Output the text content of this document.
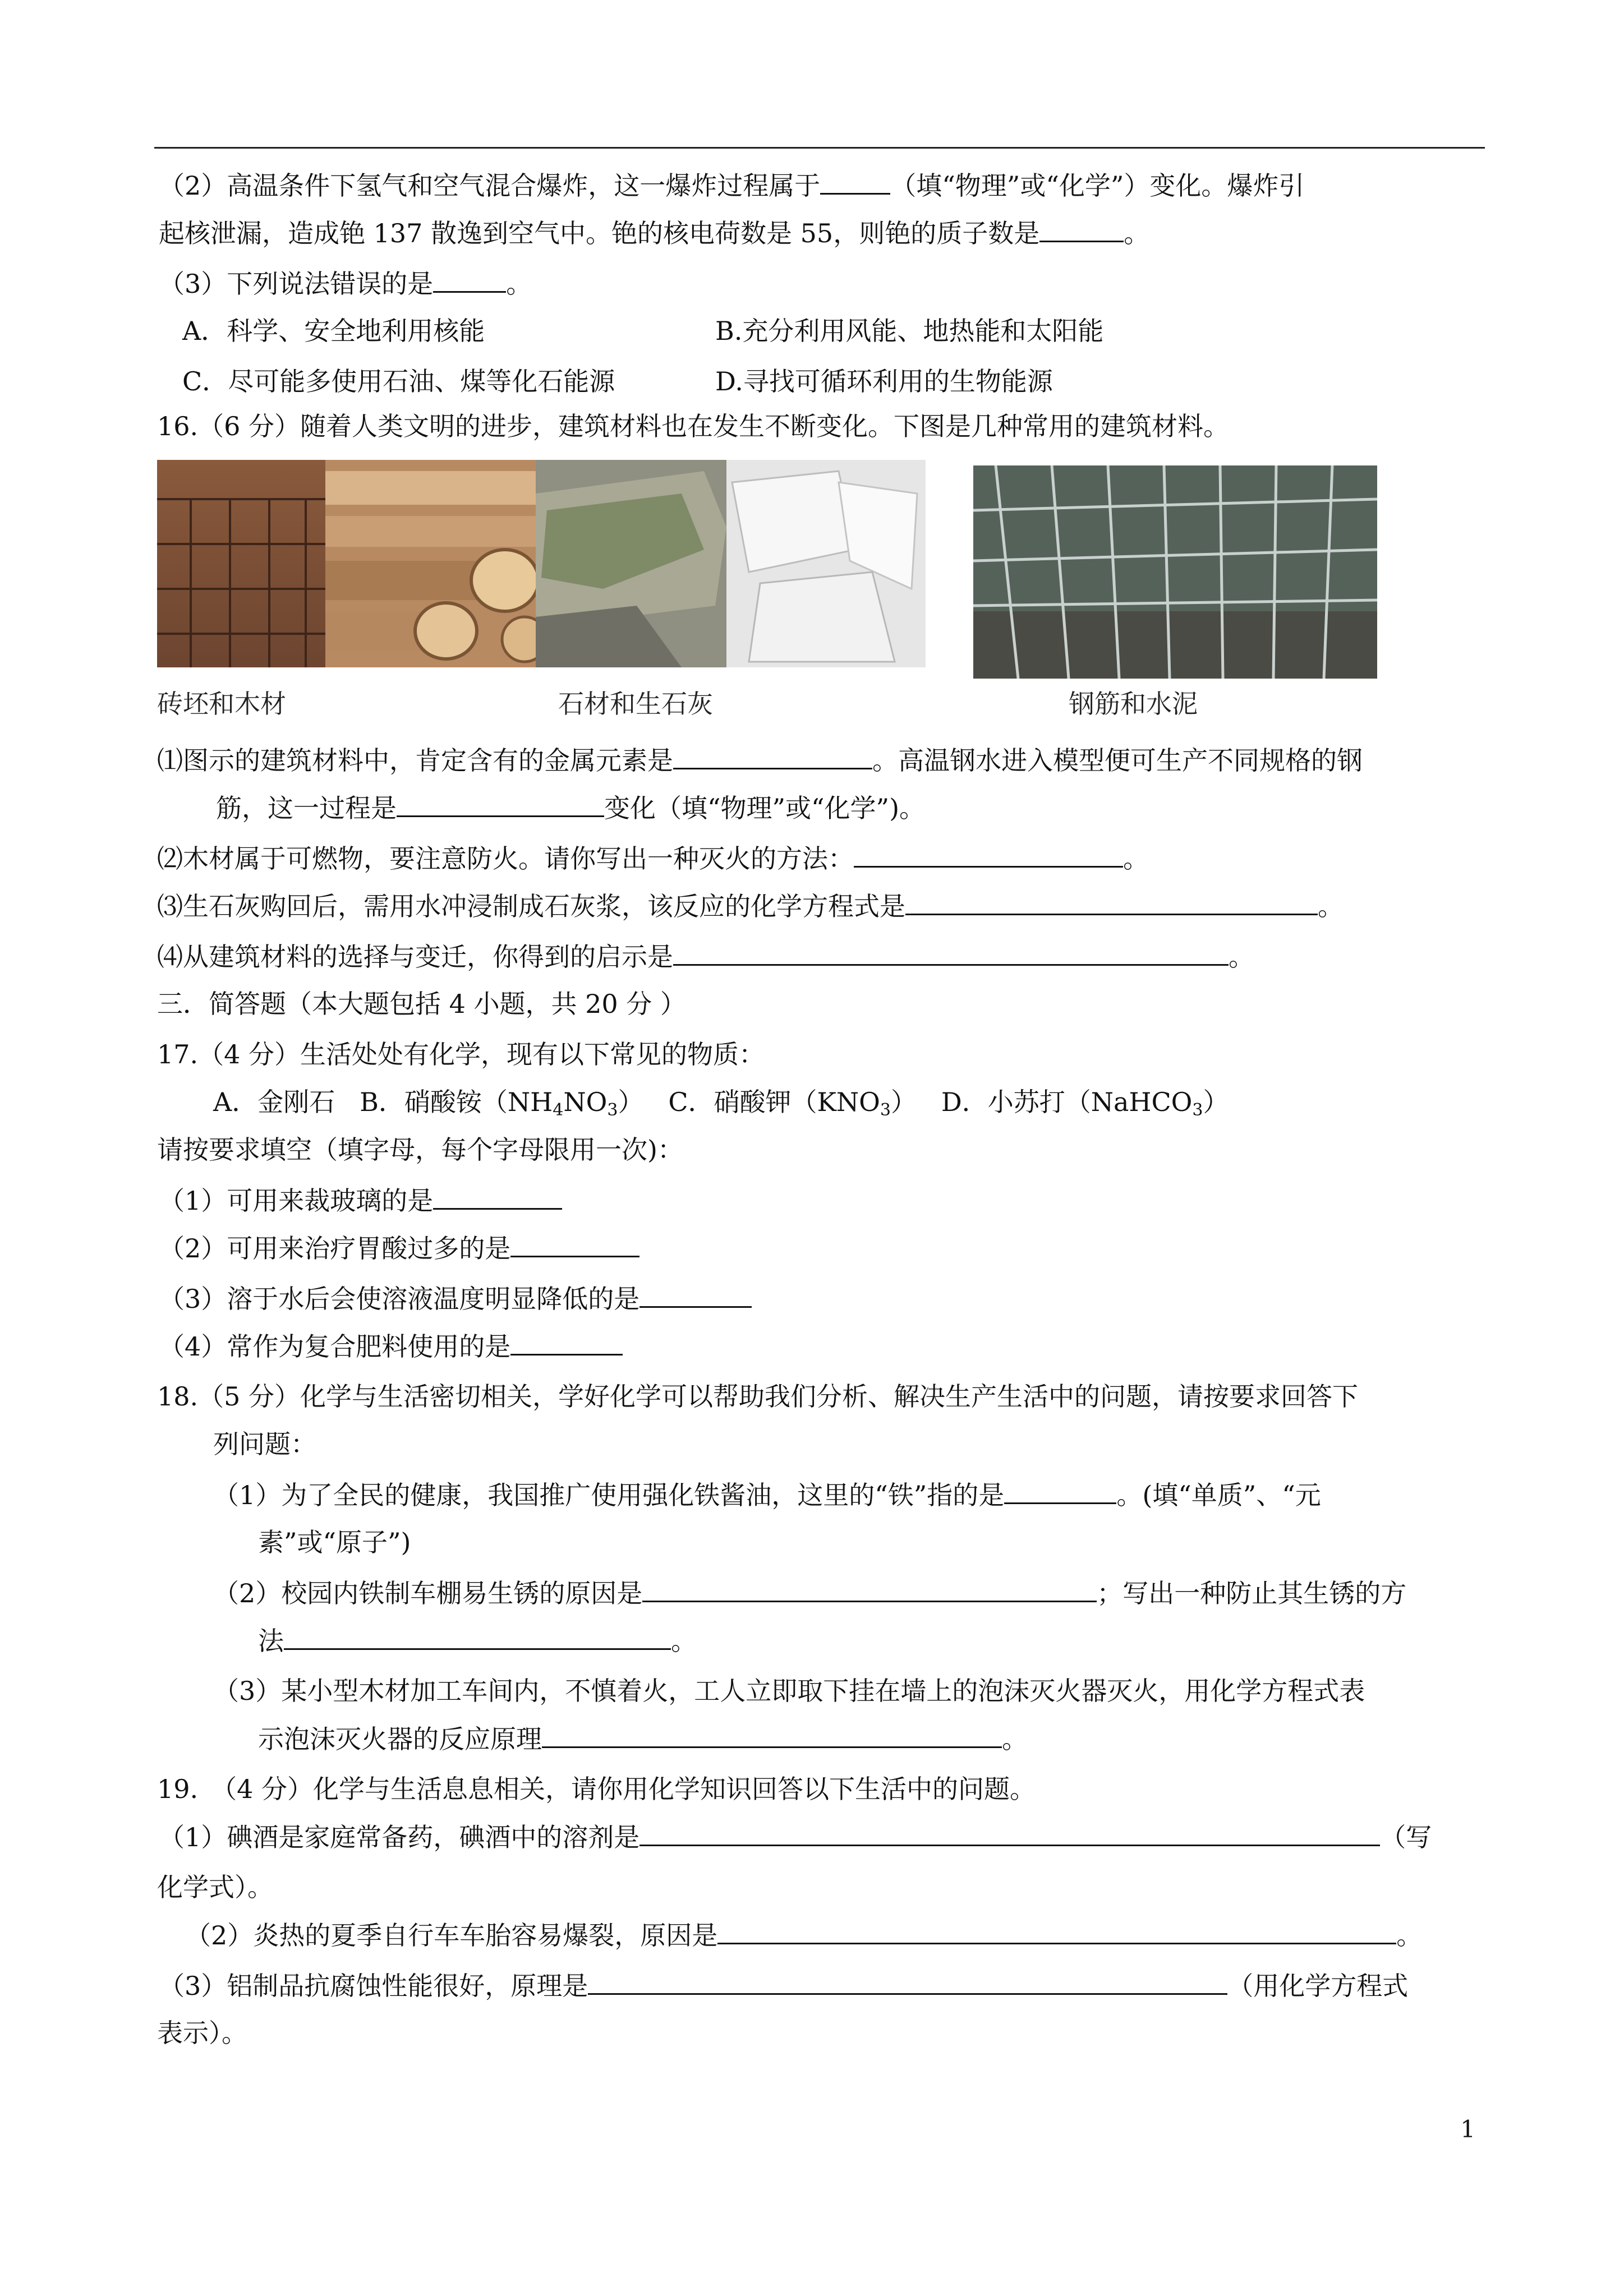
（2）高温条件下氢气和空气混合爆炸，这一爆炸过程属于	（填“物理”或“化学”）变化。爆炸引
起核泄漏，造成铯 137 散逸到空气中。铯的核电荷数是 55，则铯的质子数是	。
（3）下列说法错误的是	。
A．科学、安全地利用核能	B.充分利用风能、地热能和太阳能
C．尽可能多使用石油、煤等化石能源	D.寻找可循环利用的生物能源
16.（6 分）随着人类文明的进步，建筑材料也在发生不断变化。下图是几种常用的建筑材料。
砖坯和木材	石材和生石灰	钢筋和水泥
⑴图示的建筑材料中，肯定含有的金属元素是	。高温钢水进入模型便可生产不同规格的钢
筋，这一过程是	变化（填“物理”或“化学”)。
⑵木材属于可燃物，要注意防火。请你写出一种灭火的方法：	。
⑶生石灰购回后，需用水冲浸制成石灰浆，该反应的化学方程式是	。
⑷从建筑材料的选择与变迁，你得到的启示是	。
三．简答题（本大题包括 4 小题，共 20 分 ）
17.（4 分）生活处处有化学，现有以下常见的物质：
A．金刚石 B．硝酸铵$(NH_4NO_3)$ C．硝酸钾$(KNO_3)$ D．小苏打（NaHCO$_3$）
请按要求填空（填字母，每个字母限用一次)：
（1）可用来裁玻璃的是
（2）可用来治疗胃酸过多的是
（3）溶于水后会使溶液温度明显降低的是
（4）常作为复合肥料使用的是
18.（5 分）化学与生活密切相关，学好化学可以帮助我们分析、解决生产生活中的问题，请按要求回答下
列问题：
（1）为了全民的健康，我国推广使用强化铁酱油，这里的“铁”指的是	。(填“单质”、“元
素”或“原子”)
（2）校园内铁制车棚易生锈的原因是	；写出一种防止其生锈的方
法	。
（3）某小型木材加工车间内，不慎着火，工人立即取下挂在墙上的泡沫灭火器灭火，用化学方程式表
示泡沫灭火器的反应原理	。
19.　（4 分）化学与生活息息相关，请你用化学知识回答以下生活中的问题。
（1）碘酒是家庭常备药，碘酒中的溶剂是	（写
化学式）。
（2）炎热的夏季自行车车胎容易爆裂，原因是	。
（3）铝制品抗腐蚀性能很好，原理是	（用化学方程式
表示）。
1
